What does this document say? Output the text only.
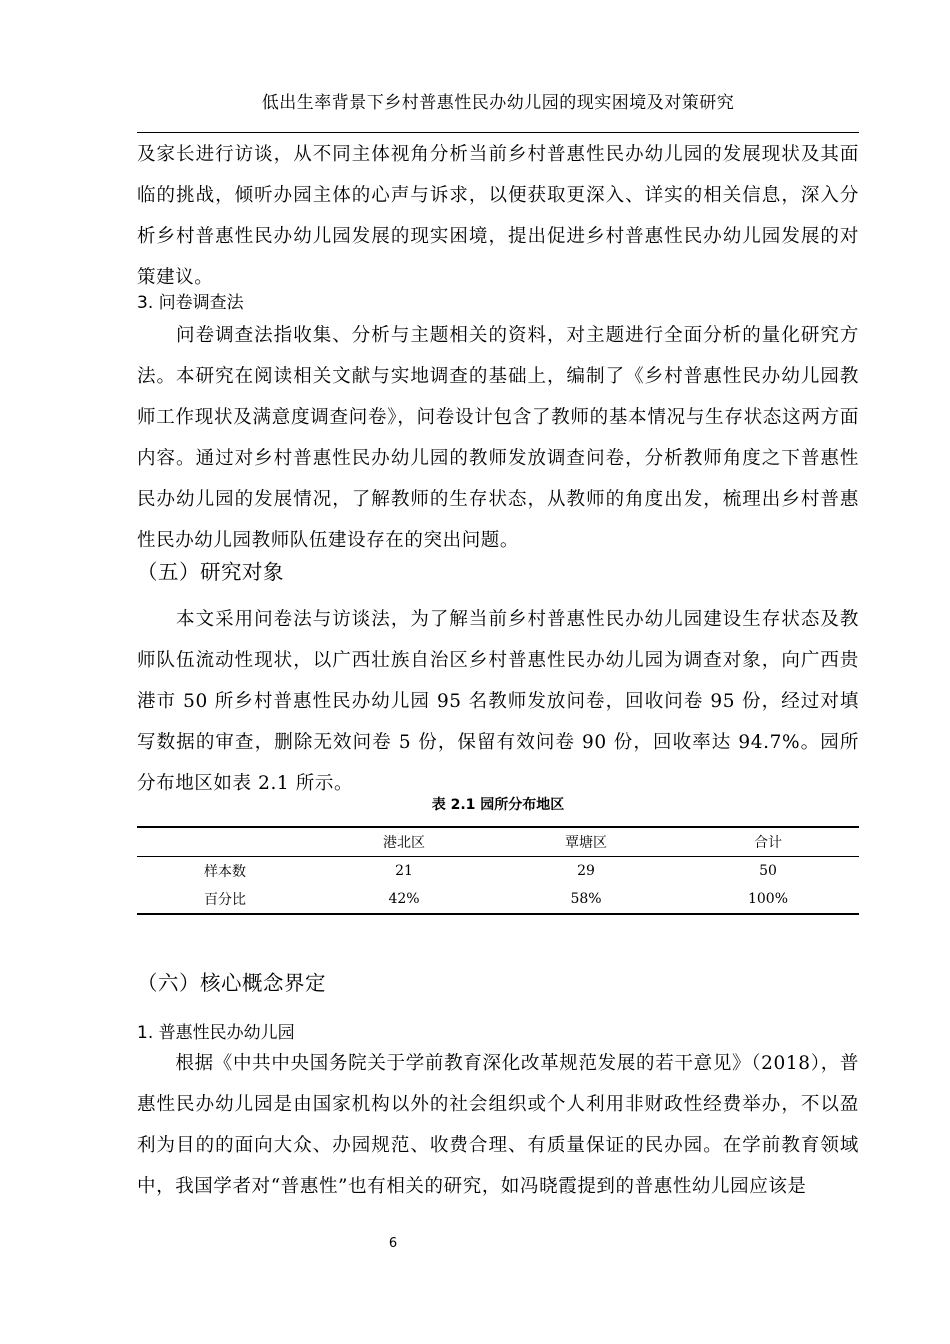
低出生率背景下乡村普惠性民办幼儿园的现实困境及对策研究

及家长进行访谈，从不同主体视角分析当前乡村普惠性民办幼儿园的发展现状及其面临的挑战，倾听办园主体的心声与诉求，以便获取更深入、详实的相关信息，深入分析乡村普惠性民办幼儿园发展的现实困境，提出促进乡村普惠性民办幼儿园发展的对策建议。

3. 问卷调查法

　　问卷调查法指收集、分析与主题相关的资料，对主题进行全面分析的量化研究方法。本研究在阅读相关文献与实地调查的基础上，编制了《乡村普惠性民办幼儿园教师工作现状及满意度调查问卷》，问卷设计包含了教师的基本情况与生存状态这两方面内容。通过对乡村普惠性民办幼儿园的教师发放调查问卷，分析教师角度之下普惠性民办幼儿园的发展情况，了解教师的生存状态，从教师的角度出发，梳理出乡村普惠性民办幼儿园教师队伍建设存在的突出问题。

（五）研究对象

　　本文采用问卷法与访谈法，为了解当前乡村普惠性民办幼儿园建设生存状态及教师队伍流动性现状，以广西壮族自治区乡村普惠性民办幼儿园为调查对象，向广西贵港市 50 所乡村普惠性民办幼儿园 95 名教师发放问卷，回收问卷 95 份，经过对填写数据的审查，删除无效问卷 5 份，保留有效问卷 90 份，回收率达 94.7%。园所分布地区如表 2.1 所示。

表 2.1 园所分布地区
	港北区	覃塘区	合计
样本数	21	29	50
百分比	42%	58%	100%
（六）核心概念界定
1. 普惠性民办幼儿园

　　根据《中共中央国务院关于学前教育深化改革规范发展的若干意见》（2018），普惠性民办幼儿园是由国家机构以外的社会组织或个人利用非财政性经费举办，不以盈利为目的的面向大众、办园规范、收费合理、有质量保证的民办园。在学前教育领域中，我国学者对“普惠性”也有相关的研究，如冯晓霞提到的普惠性幼儿园应该是

6
